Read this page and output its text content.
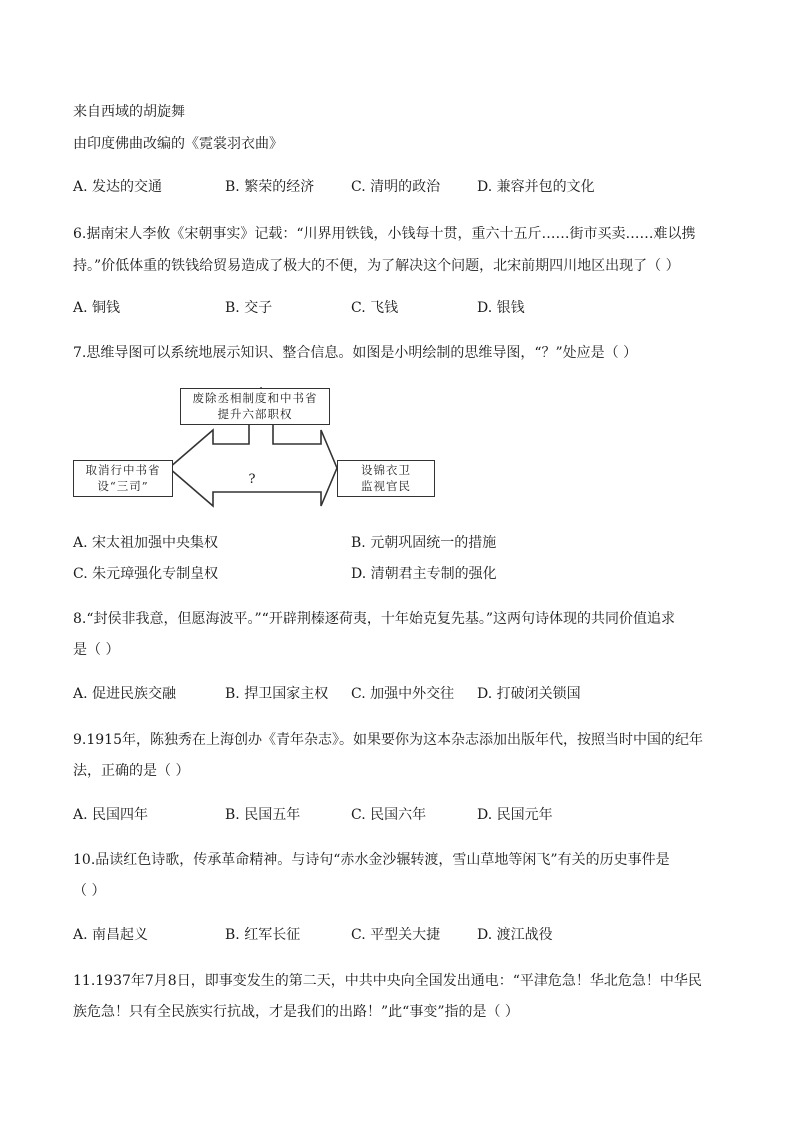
来自西域的胡旋舞
由印度佛曲改编的《霓裳羽衣曲》
A. 发达的交通	B. 繁荣的经济	C. 清明的政治	D. 兼容并包的文化
6.据南宋人李攸《宋朝事实》记载：“川界用铁钱，小钱每十贯，重六十五斤……街市买卖……难以携
持。”价低体重的铁钱给贸易造成了极大的不便，为了解决这个问题，北宋前期四川地区出现了（ ）
A. 铜钱	B. 交子	C. 飞钱	D. 银钱
7.思维导图可以系统地展示知识、整合信息。如图是小明绘制的思维导图，“？”处应是（ ）
废除丞相制度和中书省
提升六部职权
取消行中书省
设“三司”
设锦衣卫
监视官民
?
A. 宋太祖加强中央集权	B. 元朝巩固统一的措施
C. 朱元璋强化专制皇权	D. 清朝君主专制的强化
8.“封侯非我意，但愿海波平。”“开辟荆榛逐荷夷，十年始克复先基。”这两句诗体现的共同价值追求
是（ ）
A. 促进民族交融	B. 捍卫国家主权 C. 加强中外交往 D. 打破闭关锁国
9.1915年，陈独秀在上海创办《青年杂志》。如果要你为这本杂志添加出版年代，按照当时中国的纪年
法，正确的是（ ）
A. 民国四年	B. 民国五年	C. 民国六年	D. 民国元年
10.品读红色诗歌，传承革命精神。与诗句“赤水金沙辗转渡，雪山草地等闲飞”有关的历史事件是
（ ）
A. 南昌起义	B. 红军长征	C. 平型关大捷	D. 渡江战役
11.1937年7月8日，即事变发生的第二天，中共中央向全国发出通电：“平津危急！华北危急！中华民
族危急！只有全民族实行抗战，才是我们的出路！”此“事变”指的是（ ）
